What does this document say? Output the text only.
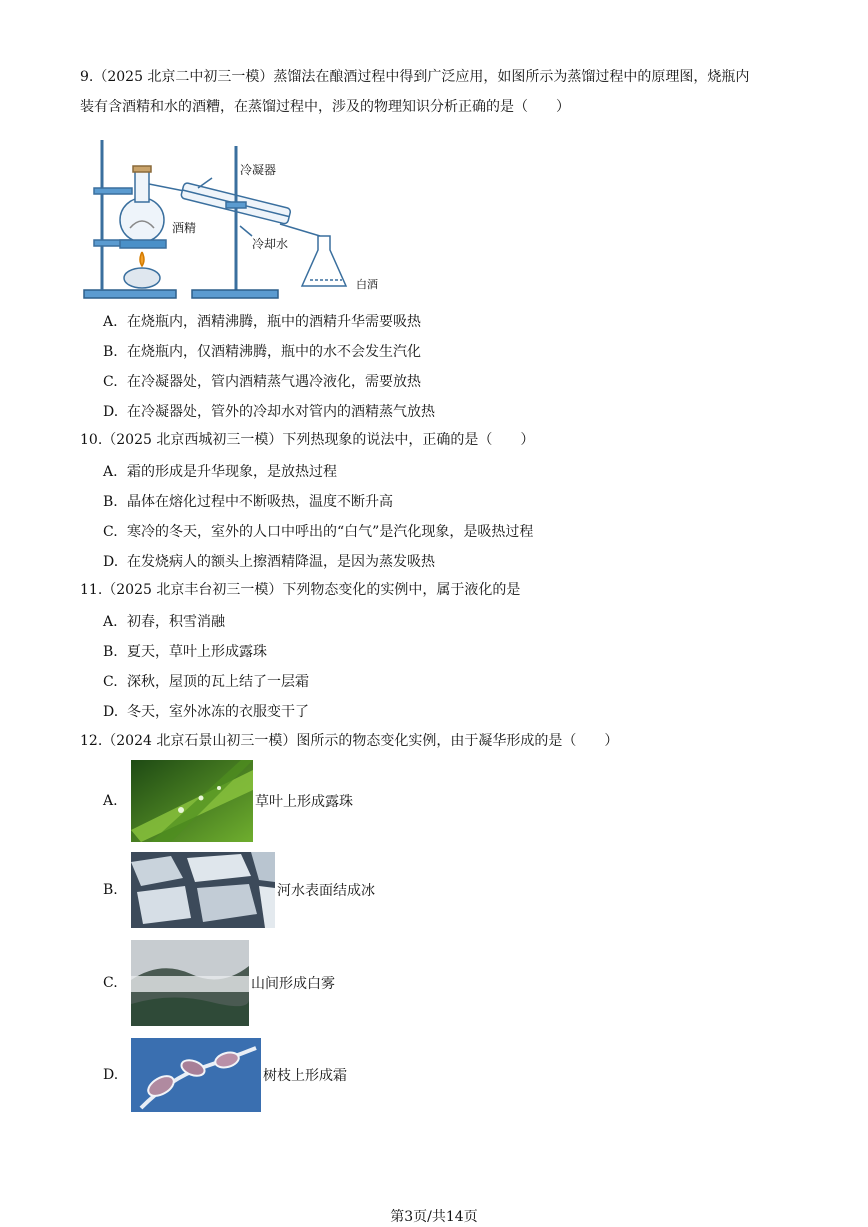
9.（2025 北京二中初三一模）蒸馏法在酿酒过程中得到广泛应用，如图所示为蒸馏过程中的原理图，烧瓶内
装有含酒精和水的酒糟，在蒸馏过程中，涉及的物理知识分析正确的是（　　）
冷凝器
酒精
冷却水
白酒
A. 在烧瓶内，酒精沸腾，瓶中的酒精升华需要吸热
B. 在烧瓶内，仅酒精沸腾，瓶中的水不会发生汽化
C. 在冷凝器处，管内酒精蒸气遇冷液化，需要放热
D. 在冷凝器处，管外的冷却水对管内的酒精蒸气放热
10.（2025 北京西城初三一模）下列热现象的说法中，正确的是（　　）
A. 霜的形成是升华现象，是放热过程
B. 晶体在熔化过程中不断吸热，温度不断升高
C. 寒冷的冬天，室外的人口中呼出的“白气”是汽化现象，是吸热过程
D. 在发烧病人的额头上擦酒精降温，是因为蒸发吸热
11.（2025 北京丰台初三一模）下列物态变化的实例中，属于液化的是
A. 初春，积雪消融
B. 夏天，草叶上形成露珠
C. 深秋，屋顶的瓦上结了一层霜
D. 冬天，室外冰冻的衣服变干了
12.（2024 北京石景山初三一模）图所示的物态变化实例，由于凝华形成的是（　　）
A.	草叶上形成露珠
B.	河水表面结成冰
C.	山间形成白雾
D.	树枝上形成霜
第3页/共14页
